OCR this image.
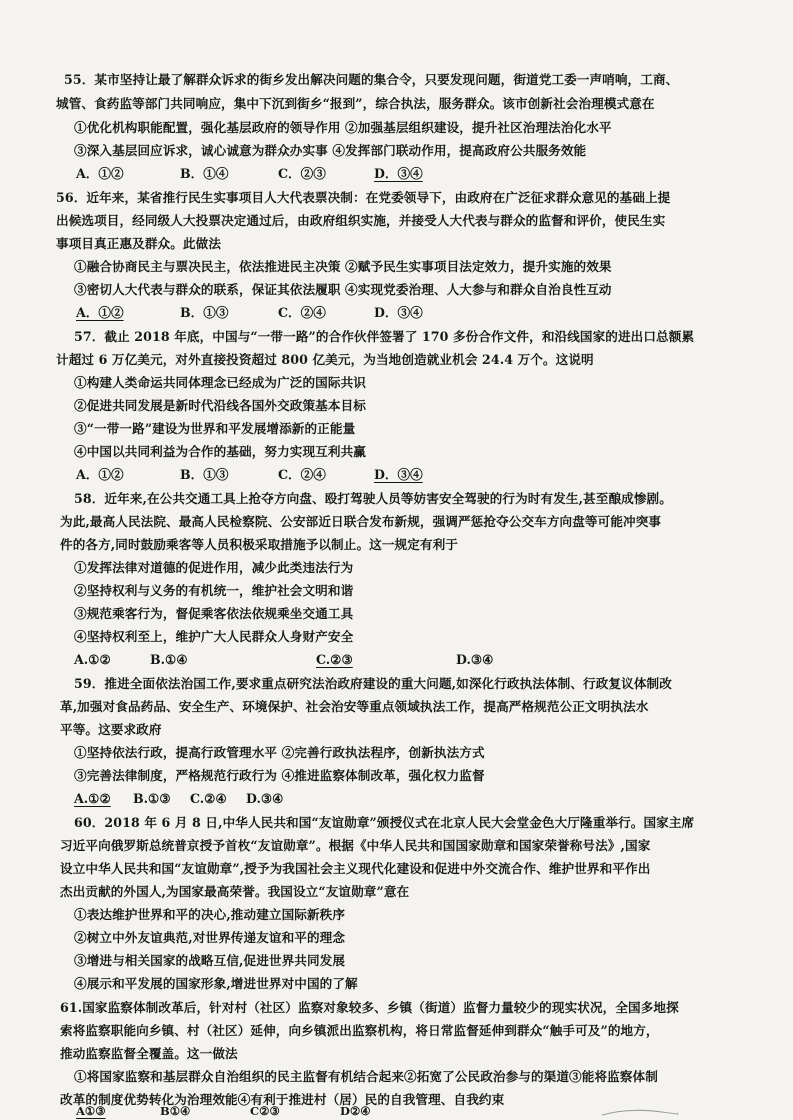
55．某市坚持让最了解群众诉求的街乡发出解决问题的集合令，只要发现问题，街道党工委一声哨响，工商、
城管、食药监等部门共同响应，集中下沉到街乡“报到”，综合执法，服务群众。该市创新社会治理模式意在
①优化机构职能配置，强化基层政府的领导作用 ②加强基层组织建设，提升社区治理法治化水平
③深入基层回应诉求，诚心诚意为群众办实事 ④发挥部门联动作用，提高政府公共服务效能
A．①②	B．①④	C．②③	D．③④
56．近年来，某省推行民生实事项目人大代表票决制：在党委领导下，由政府在广泛征求群众意见的基础上提
出候选项目，经同级人大投票决定通过后，由政府组织实施，并接受人大代表与群众的监督和评价，使民生实
事项目真正惠及群众。此做法
①融合协商民主与票决民主，依法推进民主决策 ②赋予民生实事项目法定效力，提升实施的效果
③密切人大代表与群众的联系，保证其依法履职 ④实现党委治理、人大参与和群众自治良性互动
A．①②	B．①③	C．②④	D．③④
57．截止 2018 年底，中国与“一带一路”的合作伙伴签署了 170 多份合作文件，和沿线国家的进出口总额累
计超过 6 万亿美元，对外直接投资超过 800 亿美元，为当地创造就业机会 24.4 万个。这说明
①构建人类命运共同体理念已经成为广泛的国际共识
②促进共同发展是新时代沿线各国外交政策基本目标
③“一带一路”建设为世界和平发展增添新的正能量
④中国以共同利益为合作的基础，努力实现互利共赢
A．①②	B．①③	C．②④	D．③④
58．近年来,在公共交通工具上抢夺方向盘、殴打驾驶人员等妨害安全驾驶的行为时有发生,甚至酿成惨剧。
为此,最高人民法院、最高人民检察院、公安部近日联合发布新规，强调严惩抢夺公交车方向盘等可能冲突事
件的各方,同时鼓励乘客等人员积极采取措施予以制止。这一规定有利于
①发挥法律对道德的促进作用，减少此类违法行为
②坚持权利与义务的有机统一，维护社会文明和谐
③规范乘客行为，督促乘客依法依规乘坐交通工具
④坚持权利至上，维护广大人民群众人身财产安全
A.①②	B.①④	C.②③	D.③④
59．推进全面依法治国工作,要求重点研究法治政府建设的重大问题,如深化行政执法体制、行政复议体制改
革,加强对食品药品、安全生产、环境保护、社会治安等重点领域执法工作，提高严格规范公正文明执法水
平等。这要求政府
①坚持依法行政，提高行政管理水平 ②完善行政执法程序，创新执法方式
③完善法律制度，严格规范行政行为 ④推进监察体制改革，强化权力监督
A.①② B.①③ C.②④ D.③④
60．2018 年 6 月 8 日,中华人民共和国“友谊勋章”颁授仪式在北京人民大会堂金色大厅隆重举行。国家主席
习近平向俄罗斯总统普京授予首枚“友谊勋章”。根据《中华人民共和国国家勋章和国家荣誉称号法》,国家
设立中华人民共和国“友谊勋章”,授予为我国社会主义现代化建设和促进中外交流合作、维护世界和平作出
杰出贡献的外国人,为国家最高荣誉。我国设立“友谊勋章”意在
①表达维护世界和平的决心,推动建立国际新秩序
②树立中外友谊典范,对世界传递友谊和平的理念
③增进与相关国家的战略互信,促进世界共同发展
④展示和平发展的国家形象,增进世界对中国的了解
61.国家监察体制改革后，针对村（社区）监察对象较多、乡镇（街道）监督力量较少的现实状况，全国多地探
索将监察职能向乡镇、村（社区）延伸，向乡镇派出监察机构，将日常监督延伸到群众“触手可及”的地方，
推动监察监督全覆盖。这一做法
①将国家监察和基层群众自治组织的民主监督有机结合起来②拓宽了公民政治参与的渠道③能将监察体制
改革的制度优势转化为治理效能④有利于推进村（居）民的自我管理、自我约束
A①③	B①④	C②③	D②④
